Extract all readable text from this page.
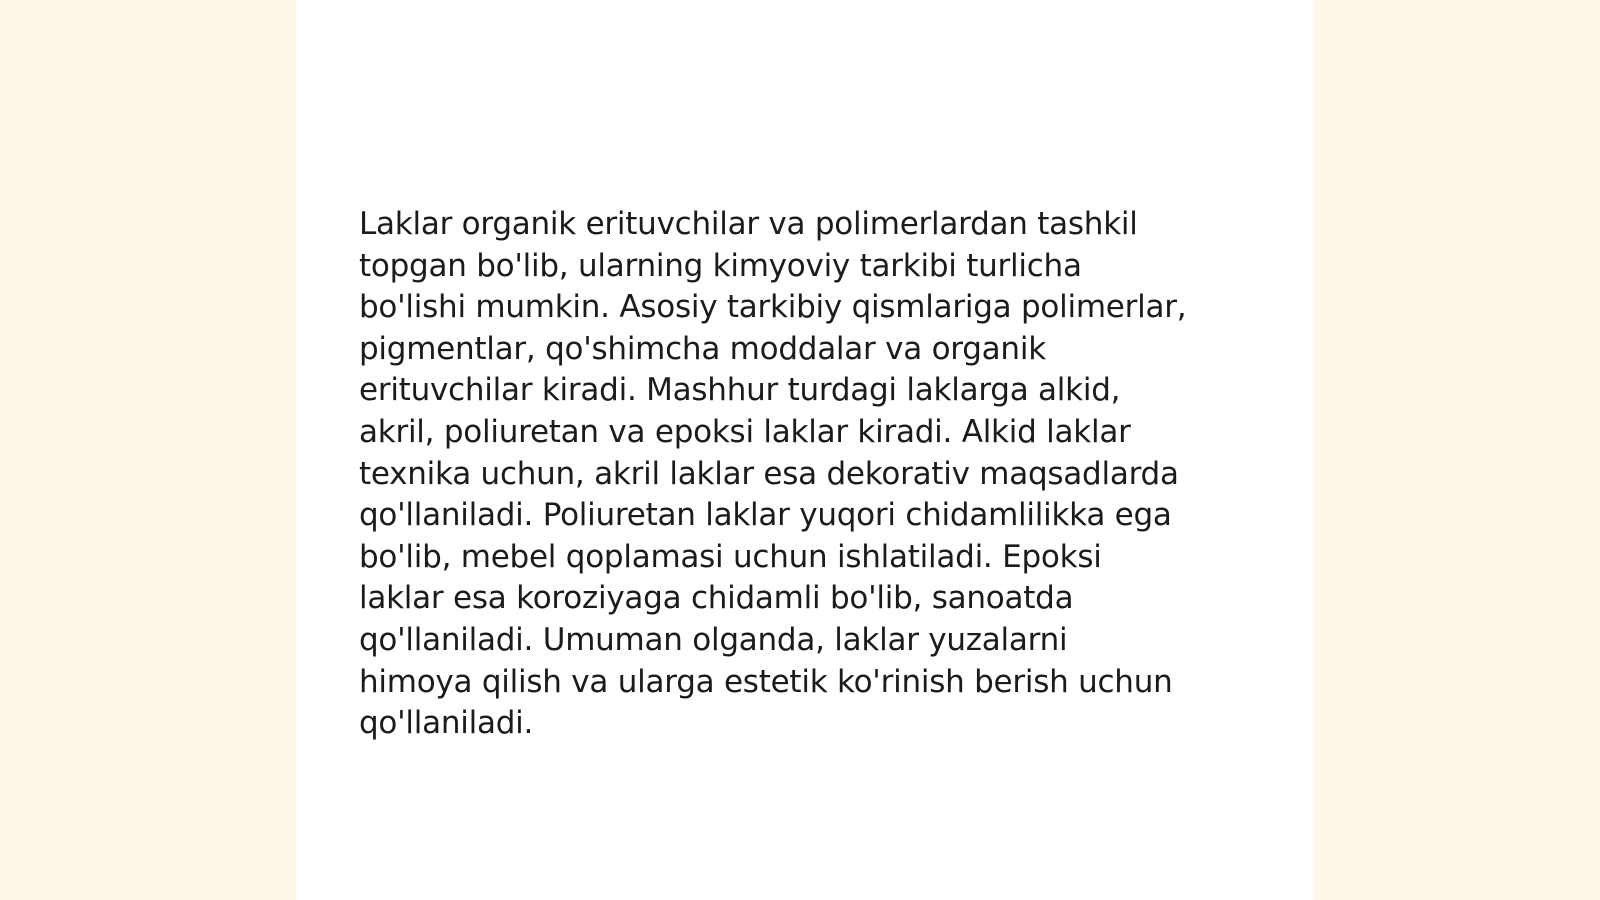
Laklar organik erituvchilar va polimerlardan tashkil
topgan bo'lib, ularning kimyoviy tarkibi turlicha
bo'lishi mumkin. Asosiy tarkibiy qismlariga polimerlar,
pigmentlar, qo'shimcha moddalar va organik
erituvchilar kiradi. Mashhur turdagi laklarga alkid,
akril, poliuretan va epoksi laklar kiradi. Alkid laklar
texnika uchun, akril laklar esa dekorativ maqsadlarda
qo'llaniladi. Poliuretan laklar yuqori chidamlilikka ega
bo'lib, mebel qoplamasi uchun ishlatiladi. Epoksi
laklar esa koroziyaga chidamli bo'lib, sanoatda
qo'llaniladi. Umuman olganda, laklar yuzalarni
himoya qilish va ularga estetik ko'rinish berish uchun
qo'llaniladi.
